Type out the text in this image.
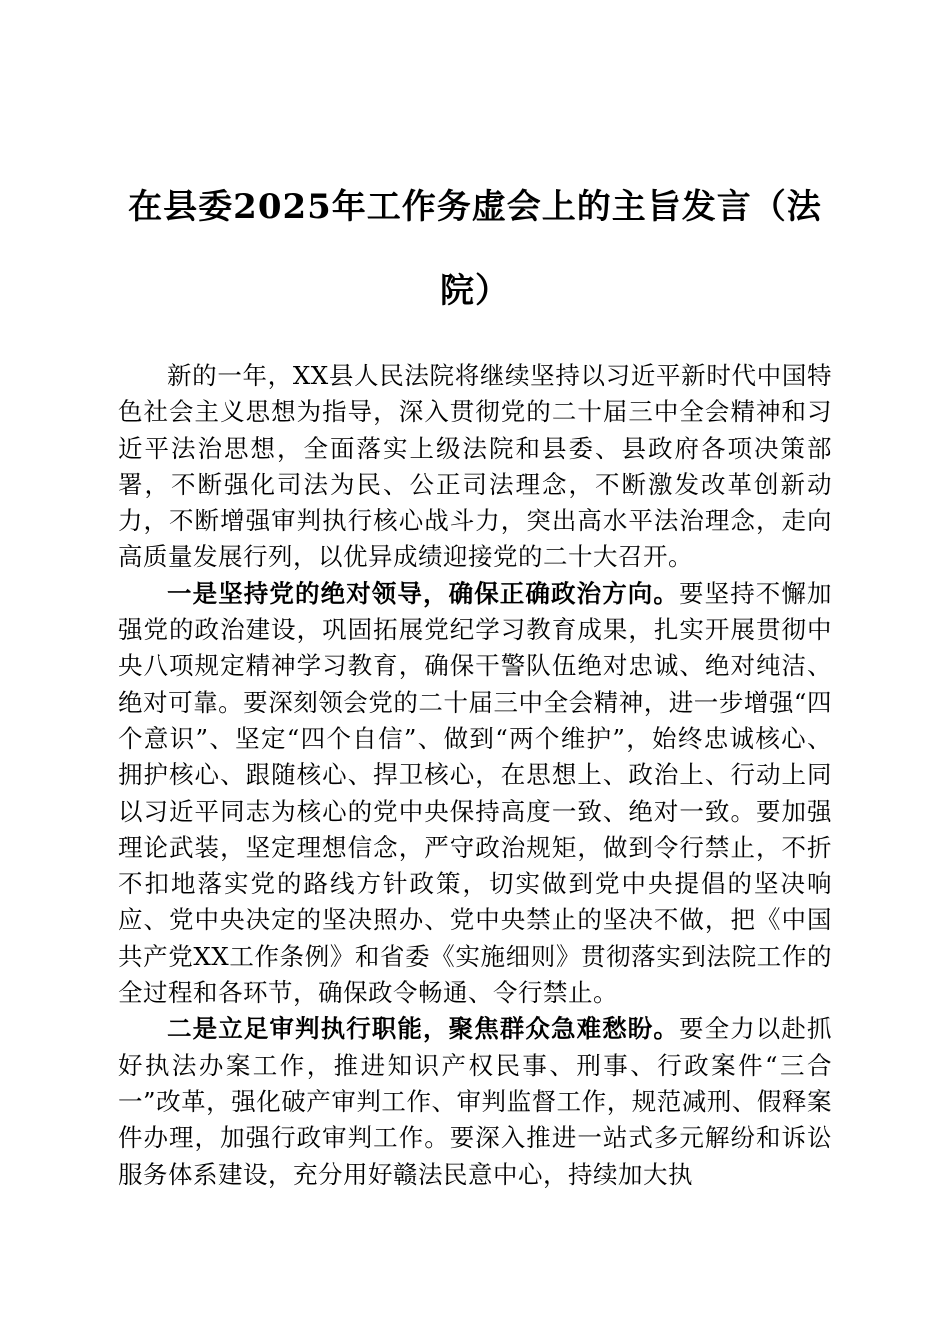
在县委2025年工作务虚会上的主旨发言（法院）

新的一年，XX县人民法院将继续坚持以习近平新时代中国特色社会主义思想为指导，深入贯彻党的二十届三中全会精神和习近平法治思想，全面落实上级法院和县委、县政府各项决策部署，不断强化司法为民、公正司法理念，不断激发改革创新动力，不断增强审判执行核心战斗力，突出高水平法治理念，走向高质量发展行列，以优异成绩迎接党的二十大召开。

一是坚持党的绝对领导，确保正确政治方向。要坚持不懈加强党的政治建设，巩固拓展党纪学习教育成果，扎实开展贯彻中央八项规定精神学习教育，确保干警队伍绝对忠诚、绝对纯洁、绝对可靠。要深刻领会党的二十届三中全会精神，进一步增强“四个意识”、坚定“四个自信”、做到“两个维护”，始终忠诚核心、拥护核心、跟随核心、捍卫核心，在思想上、政治上、行动上同以习近平同志为核心的党中央保持高度一致、绝对一致。要加强理论武装，坚定理想信念，严守政治规矩，做到令行禁止，不折不扣地落实党的路线方针政策，切实做到党中央提倡的坚决响应、党中央决定的坚决照办、党中央禁止的坚决不做，把《中国共产党XX工作条例》和省委《实施细则》贯彻落实到法院工作的全过程和各环节，确保政令畅通、令行禁止。

二是立足审判执行职能，聚焦群众急难愁盼。要全力以赴抓好执法办案工作，推进知识产权民事、刑事、行政案件“三合一”改革，强化破产审判工作、审判监督工作，规范减刑、假释案件办理，加强行政审判工作。要深入推进一站式多元解纷和诉讼服务体系建设，充分用好赣法民意中心，持续加大执
